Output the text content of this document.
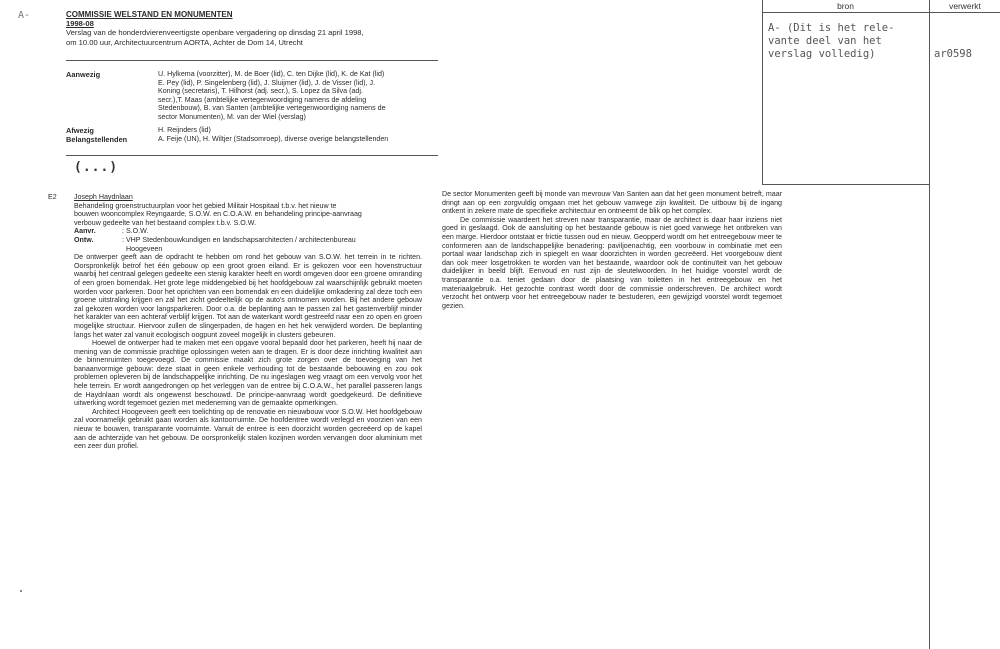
A-	COMMISSIE WELSTAND EN MONUMENTEN
1998-08
Verslag van de honderdvierenveertigste openbare vergadering op dinsdag 21 april 1998,
om 10.00 uur, Architectuurcentrum AORTA, Achter de Dom 14, Utrecht
Aanwezig	U. Hylkema (voorzitter), M. de Boer (lid), C. ten Dijke (lid), K. de Kat (lid)
E. Pey (lid), P. Singelenberg (lid), J. Sluijmer (lid), J. de Visser (lid), J.
Koning (secretaris), T. Hilhorst (adj. secr.), S. Lopez da Silva (adj.
secr.),T. Maas (ambtelijke vertegenwoordiging namens de afdeling
Stedenbouw), B. van Santen (ambtelijke vertegenwoordiging namens de
sector Monumenten), M. van der Wiel (verslag)
Afwezig	H. Reijnders (lid)
Belangstellenden	A. Feije (UN), H. Wiltjer (Stadsomroep), diverse overige belangstellenden
(...)
E2 Joseph Haydnlaan
Behandeling groenstructuurplan voor het gebied Militair Hospitaal t.b.v. het nieuw te
bouwen wooncomplex Reyngaarde, S.O.W. en C.O.A.W. en behandeling principe-aanvraag
verbouw gedeelte van het bestaand complex t.b.v. S.O.W.
Aanvr.	: S.O.W.
Ontw.	: VHP Stedenbouwkundigen en landschapsarchitecten / architectenbureau
Hoogeveen

De ontwerper geeft aan de opdracht te hebben om rond het gebouw van S.O.W. het terrein in te richten. Oorspronkelijk betrof het één gebouw op een groot groen eiland. Er is gekozen voor een hovenstructuur waarbij het centraal gelegen gedeelte een stenig karakter heeft en wordt omgeven door een groene omranding of een groen bomendak. Het grote lege middengebied bij het hoofdgebouw zal waarschijnlijk gebruikt moeten worden voor parkeren. Door het oprichten van een bomendak en een duidelijke omkadering zal deze toch een groene uitstraling krijgen en zal het zicht gedeeltelijk op de auto's ontnomen worden. Bij het andere gebouw zal gekozen worden voor langsparkeren. Door o.a. de beplanting aan te passen zal het gastenverblijf minder het karakter van een achteraf verblijf krijgen. Tot aan de waterkant wordt gestreefd naar een zo open en groen mogelijke structuur. Hiervoor zullen de slingerpaden, de hagen en het hek verwijderd worden. De beplanting langs het water zal vanuit ecologisch oogpunt zoveel mogelijk in clusters gebeuren.

Hoewel de ontwerper had te maken met een opgave vooral bepaald door het parkeren, heeft hij naar de mening van de commissie prachtige oplossingen weten aan te dragen. Er is door deze inrichting kwaliteit aan de binnenruimten toegevoegd. De commissie maakt zich grote zorgen over de toevoeging van het banaanvormige gebouw: deze staat in geen enkele verhouding tot de bestaande bebouwing en zou ook problemen opleveren bij de landschappelijke inrichting. De nu ingeslagen weg vraagt om een vervolg voor het hele terrein. Er wordt aangedrongen op het verleggen van de entree bij C.O.A.W., het parallel passeren langs de Haydnlaan wordt als ongewenst beschouwd. De principe-aanvraag wordt goedgekeurd. De definitieve uitwerking wordt tegemoet gezien met medeneming van de gemaakte opmerkingen.

Architect Hoogeveen geeft een toelichting op de renovatie en nieuwbouw voor S.O.W. Het hoofdgebouw zal voornamelijk gebruikt gaan worden als kantoorruimte. De hoofdentree wordt verlegd en voorzien van een nieuw te bouwen, transparante voorruimte. Vanuit de entree is een doorzicht worden gecreëerd op de kapel aan de achterzijde van het gebouw. De oorspronkelijk stalen kozijnen worden vervangen door aluminium met een zeer dun profiel.

De sector Monumenten geeft bij monde van mevrouw Van Santen aan dat het geen monument betreft, maar dringt aan op een zorgvuldig omgaan met het gebouw vanwege zijn kwaliteit. De uitbouw bij de ingang ontkent in zekere mate de specifieke architectuur en ontneemt de blik op het complex.

De commissie waardeert het streven naar transparantie, maar de architect is daar haar inziens niet goed in geslaagd. Ook de aansluiting op het bestaande gebouw is niet goed vanwege het ontbreken van een marge. Hierdoor ontstaat er frictie tussen oud en nieuw. Geopperd wordt om het entreegebouw meer te conformeren aan de landschappelijke benadering: paviljoenachtig, een voorbouw in combinatie met een portaal waar landschap zich in spiegelt en waar doorzichten in worden gecreëerd. Het voorgebouw dient dan ook meer losgetrokken te worden van het bestaande, waardoor ook de continuïteit van het gebouw duidelijker in beeld blijft. Eenvoud en rust zijn de sleutelwoorden. In het huidige voorstel wordt de transparantie o.a. teniet gedaan door de plaatsing van toiletten in het entreegebouw en het materiaalgebruik. Het gezochte contrast wordt door de commissie onderschreven. De architect wordt verzocht het ontwerp voor het entreegebouw nader te bestuderen, een gewijzigd voorstel wordt tegemoet gezien.

bron	verwerkt
A- (Dit is het rele-
vante deel van het
verslag volledig)	ar0598
